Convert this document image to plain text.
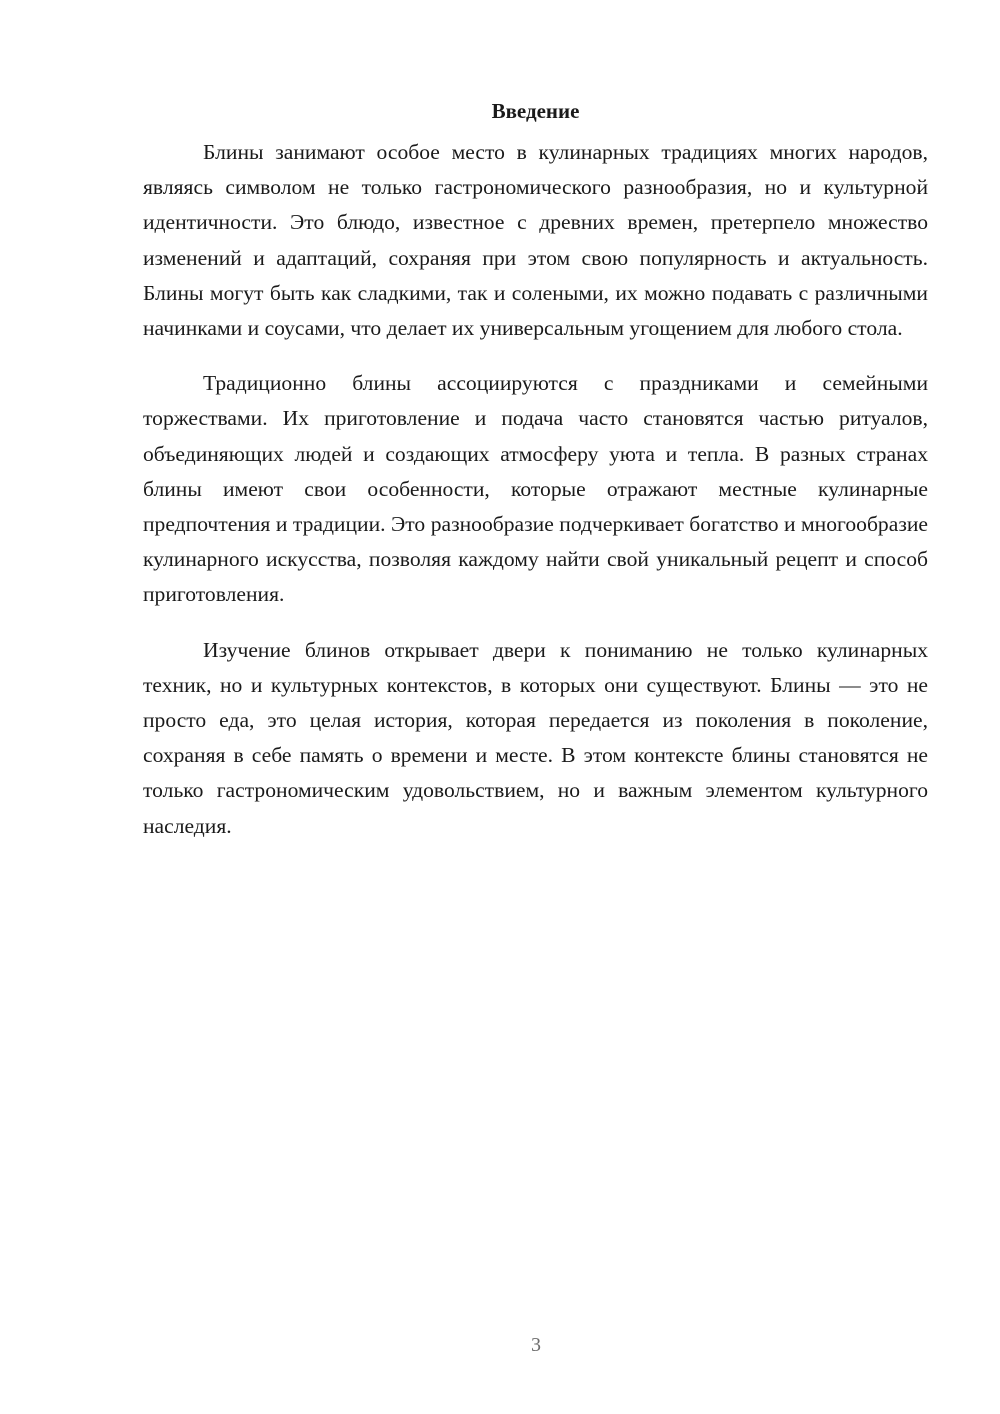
Введение

Блины занимают особое место в кулинарных традициях многих народов, являясь символом не только гастрономического разнообразия, но и культурной идентичности. Это блюдо, известное с древних времен, претерпело множество изменений и адаптаций, сохраняя при этом свою популярность и актуальность. Блины могут быть как сладкими, так и солеными, их можно подавать с различными начинками и соусами, что делает их универсальным угощением для любого стола.

Традиционно блины ассоциируются с праздниками и семейными торжествами. Их приготовление и подача часто становятся частью ритуалов, объединяющих людей и создающих атмосферу уюта и тепла. В разных странах блины имеют свои особенности, которые отражают местные кулинарные предпочтения и традиции. Это разнообразие подчеркивает богатство и многообразие кулинарного искусства, позволяя каждому найти свой уникальный рецепт и способ приготовления.

Изучение блинов открывает двери к пониманию не только кулинарных техник, но и культурных контекстов, в которых они существуют. Блины — это не просто еда, это целая история, которая передается из поколения в поколение, сохраняя в себе память о времени и месте. В этом контексте блины становятся не только гастрономическим удовольствием, но и важным элементом культурного наследия.

3
